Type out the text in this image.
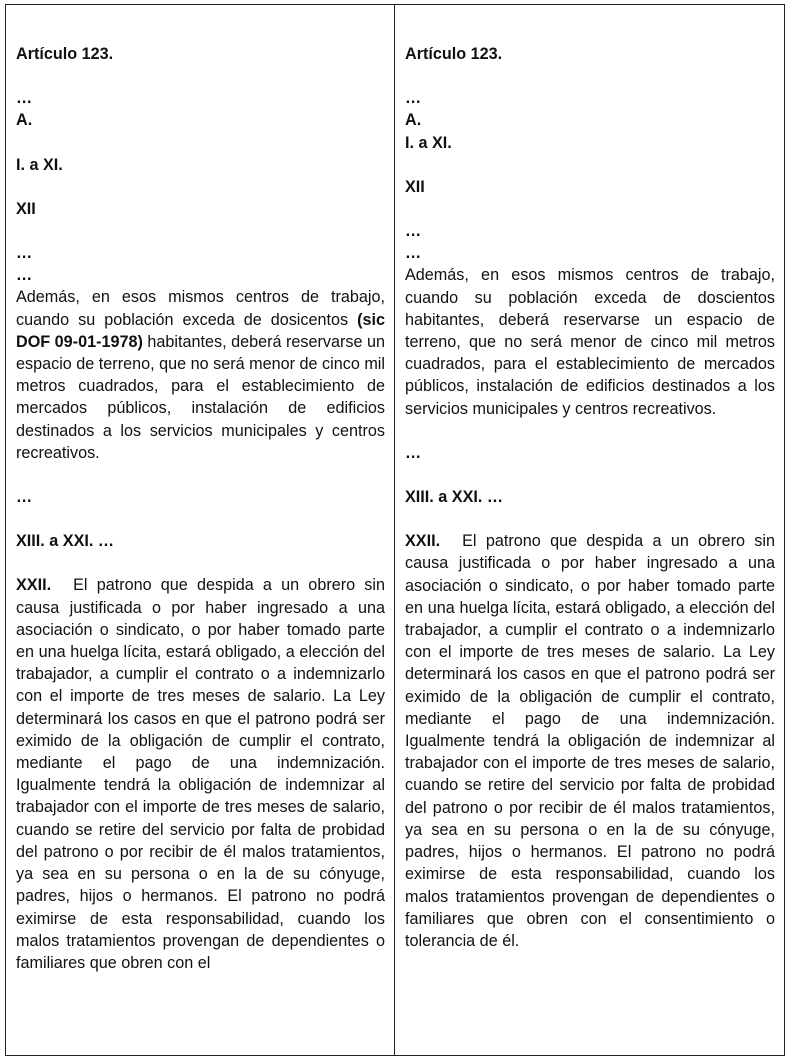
Artículo 123.

…

A.

I. a XI.

XII

…

…

Además, en esos mismos centros de trabajo, cuando su población exceda de dosicentos (sic DOF 09-01-1978) habitantes, deberá reservarse un espacio de terreno, que no será menor de cinco mil metros cuadrados, para el establecimiento de mercados públicos, instalación de edificios destinados a los servicios municipales y centros recreativos.

…

XIII. a XXI. …

XXII. El patrono que despida a un obrero sin causa justificada o por haber ingresado a una asociación o sindicato, o por haber tomado parte en una huelga lícita, estará obligado, a elección del trabajador, a cumplir el contrato o a indemnizarlo con el importe de tres meses de salario. La Ley determinará los casos en que el patrono podrá ser eximido de la obligación de cumplir el contrato, mediante el pago de una indemnización. Igualmente tendrá la obligación de indemnizar al trabajador con el importe de tres meses de salario, cuando se retire del servicio por falta de probidad del patrono o por recibir de él malos tratamientos, ya sea en su persona o en la de su cónyuge, padres, hijos o hermanos. El patrono no podrá eximirse de esta responsabilidad, cuando los malos tratamientos provengan de dependientes o familiares que obren con el

Artículo 123.

…

A.

I. a XI.

XII

…

…

Además, en esos mismos centros de trabajo, cuando su población exceda de doscientos habitantes, deberá reservarse un espacio de terreno, que no será menor de cinco mil metros cuadrados, para el establecimiento de mercados públicos, instalación de edificios destinados a los servicios municipales y centros recreativos.

…

XIII. a XXI. …

XXII. El patrono que despida a un obrero sin causa justificada o por haber ingresado a una asociación o sindicato, o por haber tomado parte en una huelga lícita, estará obligado, a elección del trabajador, a cumplir el contrato o a indemnizarlo con el importe de tres meses de salario. La Ley determinará los casos en que el patrono podrá ser eximido de la obligación de cumplir el contrato, mediante el pago de una indemnización. Igualmente tendrá la obligación de indemnizar al trabajador con el importe de tres meses de salario, cuando se retire del servicio por falta de probidad del patrono o por recibir de él malos tratamientos, ya sea en su persona o en la de su cónyuge, padres, hijos o hermanos. El patrono no podrá eximirse de esta responsabilidad, cuando los malos tratamientos provengan de dependientes o familiares que obren con el consentimiento o tolerancia de él.
